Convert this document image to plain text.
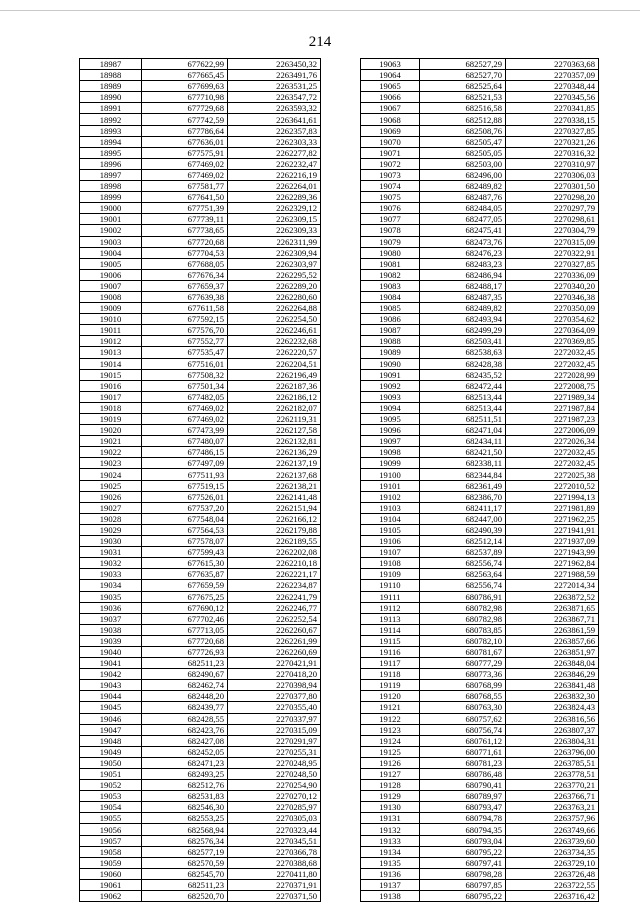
214
18987	677622,99	2263450,32
18988	677665,45	2263491,76
18989	677699,63	2263531,25
18990	677710,98	2263547,72
18991	677729,68	2263593,32
18992	677742,59	2263641,61
18993	677786,64	2262357,83
18994	677636,01	2262303,33
18995	677575,91	2262277,82
18996	677469,02	2262232,47
18997	677469,02	2262216,19
18998	677581,77	2262264,01
18999	677641,50	2262289,36
19000	677751,39	2262329,12
19001	677739,11	2262309,15
19002	677738,65	2262309,33
19003	677720,68	2262311,99
19004	677704,53	2262309,94
19005	677688,05	2262303,97
19006	677676,34	2262295,52
19007	677659,37	2262289,20
19008	677639,38	2262280,60
19009	677611,58	2262264,88
19010	677592,15	2262254,50
19011	677576,70	2262246,61
19012	677552,77	2262232,68
19013	677535,47	2262220,57
19014	677516,01	2262204,51
19015	677508,32	2262196,49
19016	677501,34	2262187,36
19017	677482,05	2262186,12
19018	677469,02	2262182,07
19019	677469,02	2262119,31
19020	677473,99	2262127,58
19021	677480,07	2262132,81
19022	677486,15	2262136,29
19023	677497,09	2262137,19
19024	677511,93	2262137,68
19025	677519,15	2262138,21
19026	677526,01	2262141,48
19027	677537,20	2262151,94
19028	677548,04	2262166,12
19029	677564,53	2262179,88
19030	677578,07	2262189,55
19031	677599,43	2262202,08
19032	677615,30	2262210,18
19033	677635,87	2262221,17
19034	677659,59	2262234,87
19035	677675,25	2262241,79
19036	677690,12	2262246,77
19037	677702,46	2262252,54
19038	677713,05	2262260,67
19039	677720,68	2262261,99
19040	677726,93	2262260,69
19041	682511,23	2270421,91
19042	682490,67	2270418,20
19043	682462,74	2270398,94
19044	682448,20	2270377,80
19045	682439,77	2270355,40
19046	682428,55	2270337,97
19047	682423,76	2270315,09
19048	682427,08	2270291,97
19049	682452,05	2270255,31
19050	682471,23	2270248,95
19051	682493,25	2270248,50
19052	682512,76	2270254,90
19053	682531,83	2270270,12
19054	682546,30	2270285,97
19055	682553,25	2270305,03
19056	682568,94	2270323,44
19057	682576,34	2270345,51
19058	682577,19	2270366,78
19059	682570,59	2270388,68
19060	682545,70	2270411,80
19061	682511,23	2270371,91
19062	682520,70	2270371,50
19063	682527,29	2270363,68
19064	682527,70	2270357,09
19065	682525,64	2270348,44
19066	682521,53	2270345,56
19067	682516,58	2270341,85
19068	682512,88	2270338,15
19069	682508,76	2270327,85
19070	682505,47	2270321,26
19071	682505,05	2270316,32
19072	682503,00	2270310,97
19073	682496,00	2270306,03
19074	682489,82	2270301,50
19075	682487,76	2270298,20
19076	682484,05	2270297,79
19077	682477,05	2270298,61
19078	682475,41	2270304,79
19079	682473,76	2270315,09
19080	682476,23	2270322,91
19081	682483,23	2270327,85
19082	682486,94	2270336,09
19083	682488,17	2270340,20
19084	682487,35	2270346,38
19085	682489,82	2270350,09
19086	682493,94	2270354,62
19087	682499,29	2270364,09
19088	682503,41	2270369,85
19089	682538,63	2272032,45
19090	682428,38	2272032,45
19091	682435,52	2272028,99
19092	682472,44	2272008,75
19093	682513,44	2271989,34
19094	682513,44	2271987,84
19095	682511,51	2271987,23
19096	682471,04	2272006,09
19097	682434,11	2272026,34
19098	682421,50	2272032,45
19099	682338,11	2272032,45
19100	682344,84	2272025,38
19101	682361,49	2272010,52
19102	682386,70	2271994,13
19103	682411,17	2271981,89
19104	682447,00	2271962,25
19105	682490,39	2271941,91
19106	682512,14	2271937,09
19107	682537,89	2271943,99
19108	682556,74	2271962,84
19109	682563,64	2271988,59
19110	682556,74	2272014,34
19111	680786,91	2263872,52
19112	680782,98	2263871,65
19113	680782,98	2263867,71
19114	680783,85	2263861,59
19115	680782,10	2263857,66
19116	680781,67	2263851,97
19117	680777,29	2263848,04
19118	680773,36	2263846,29
19119	680768,99	2263841,48
19120	680768,55	2263832,30
19121	680763,30	2263824,43
19122	680757,62	2263816,56
19123	680756,74	2263807,37
19124	680761,12	2263804,31
19125	680771,61	2263796,00
19126	680781,23	2263785,51
19127	680786,48	2263778,51
19128	680790,41	2263770,21
19129	680789,97	2263766,71
19130	680793,47	2263763,21
19131	680794,78	2263757,96
19132	680794,35	2263749,66
19133	680793,04	2263739,60
19134	680795,22	2263734,35
19135	680797,41	2263729,10
19136	680798,28	2263726,48
19137	680797,85	2263722,55
19138	680795,22	2263716,42
